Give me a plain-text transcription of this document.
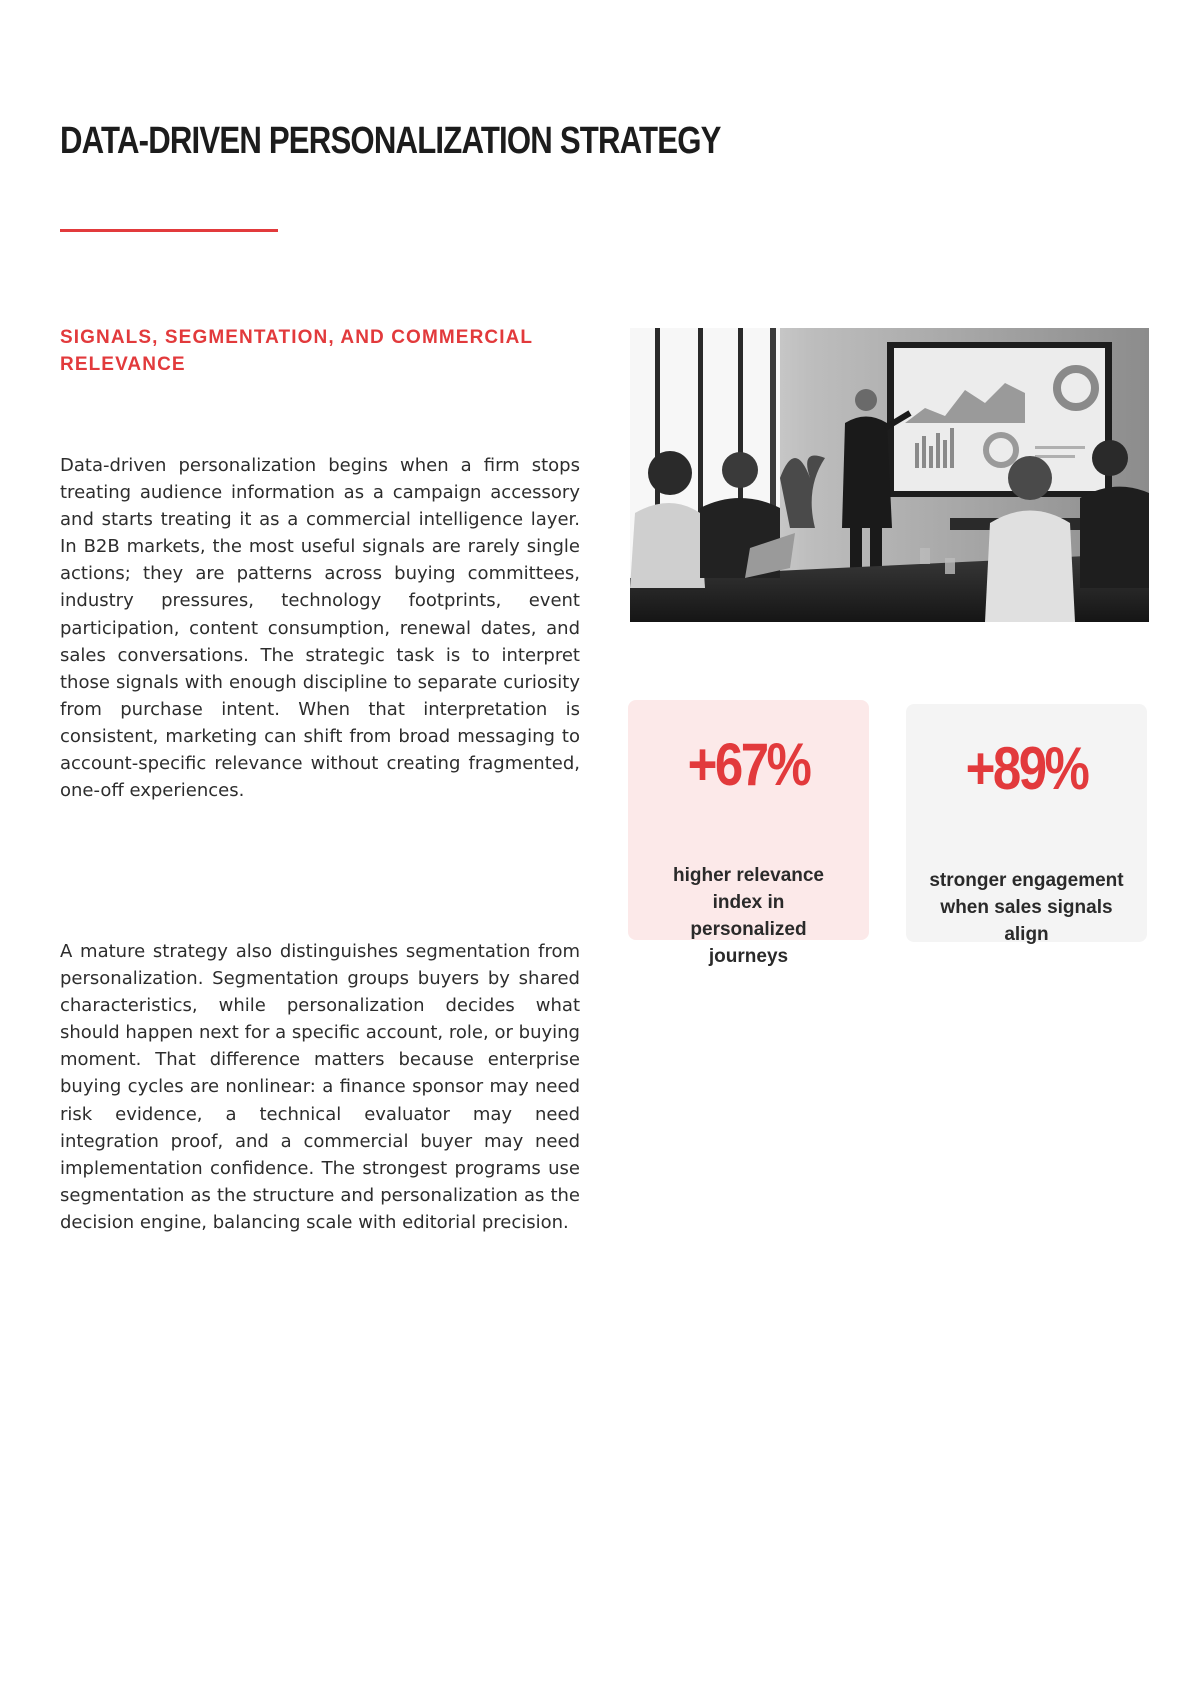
DATA-DRIVEN PERSONALIZATION STRATEGY
SIGNALS, SEGMENTATION, AND COMMERCIAL RELEVANCE

Data-driven personalization begins when a firm stops treating audience information as a campaign accessory and starts treating it as a commercial intelligence layer. In B2B markets, the most useful signals are rarely single actions; they are patterns across buying committees, industry pressures, technology footprints, event participation, content consumption, renewal dates, and sales conversations. The strategic task is to interpret those signals with enough discipline to separate curiosity from purchase intent. When that interpretation is consistent, marketing can shift from broad messaging to account-specific relevance without creating fragmented, one-off experiences.

A mature strategy also distinguishes segmentation from personalization. Segmentation groups buyers by shared characteristics, while personalization decides what should happen next for a specific account, role, or buying moment. That difference matters because enterprise buying cycles are nonlinear: a finance sponsor may need risk evidence, a technical evaluator may need integration proof, and a commercial buyer may need implementation confidence. The strongest programs use segmentation as the structure and personalization as the decision engine, balancing scale with editorial precision.

+67%
higher relevance index in personalized journeys
+89%
stronger engagement when sales signals align
